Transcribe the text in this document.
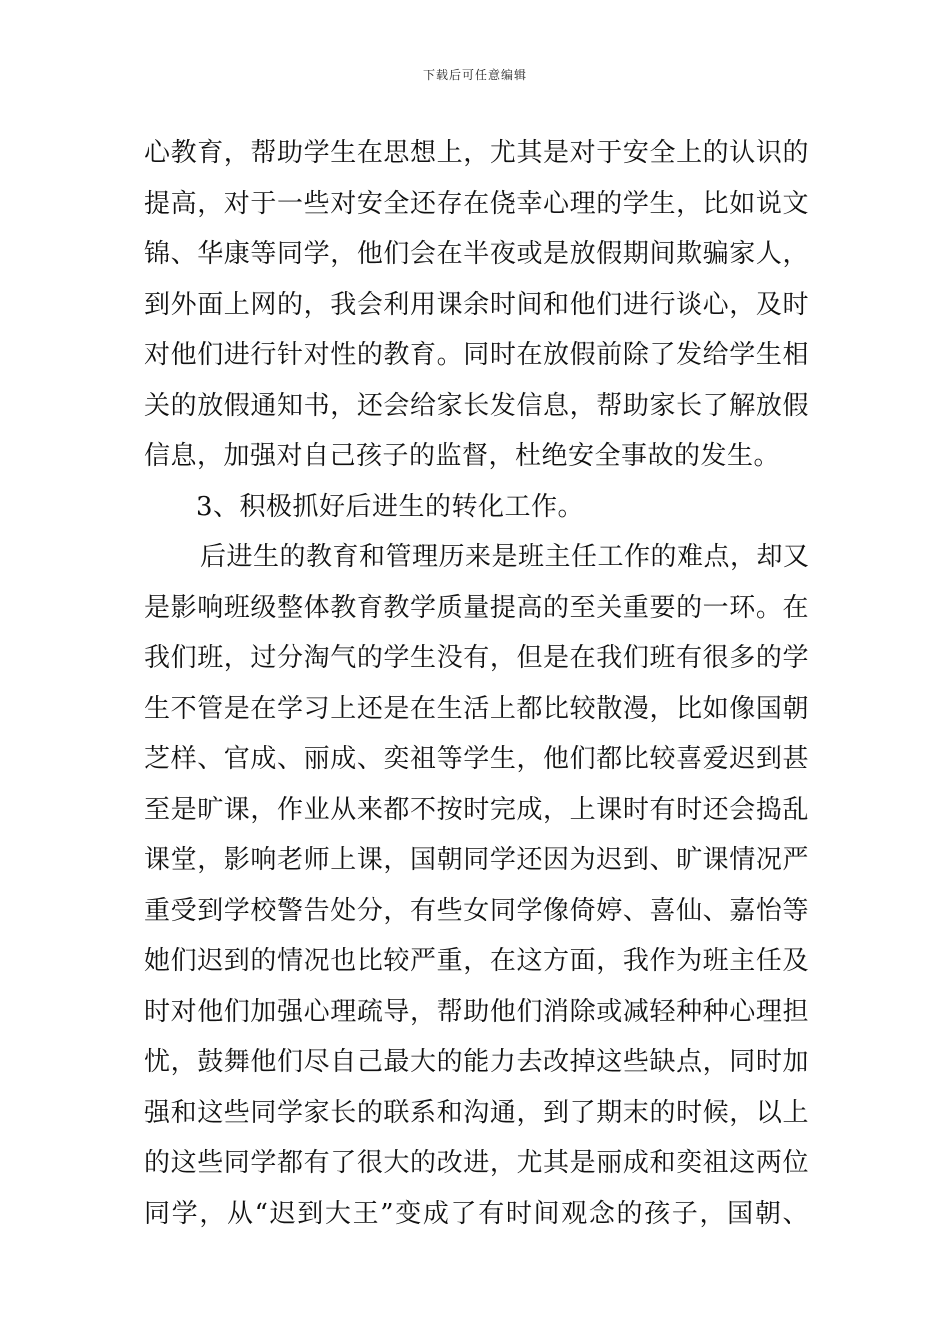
下载后可任意编辑
心教育，帮助学生在思想上，尤其是对于安全上的认识的
提高，对于一些对安全还存在侥幸心理的学生，比如说文
锦、华康等同学，他们会在半夜或是放假期间欺骗家人，
到外面上网的，我会利用课余时间和他们进行谈心，及时
对他们进行针对性的教育。同时在放假前除了发给学生相
关的放假通知书，还会给家长发信息，帮助家长了解放假
信息，加强对自己孩子的监督，杜绝安全事故的发生。
3、积极抓好后进生的转化工作。
后进生的教育和管理历来是班主任工作的难点，却又
是影响班级整体教育教学质量提高的至关重要的一环。在
我们班，过分淘气的学生没有，但是在我们班有很多的学
生不管是在学习上还是在生活上都比较散漫，比如像国朝
芝样、官成、丽成、奕祖等学生，他们都比较喜爱迟到甚
至是旷课，作业从来都不按时完成，上课时有时还会捣乱
课堂，影响老师上课，国朝同学还因为迟到、旷课情况严
重受到学校警告处分，有些女同学像倚婷、喜仙、嘉怡等
她们迟到的情况也比较严重，在这方面，我作为班主任及
时对他们加强心理疏导，帮助他们消除或减轻种种心理担
忧，鼓舞他们尽自己最大的能力去改掉这些缺点，同时加
强和这些同学家长的联系和沟通，到了期末的时候，以上
的这些同学都有了很大的改进，尤其是丽成和奕祖这两位
同学，从“迟到大王”变成了有时间观念的孩子，国朝、
